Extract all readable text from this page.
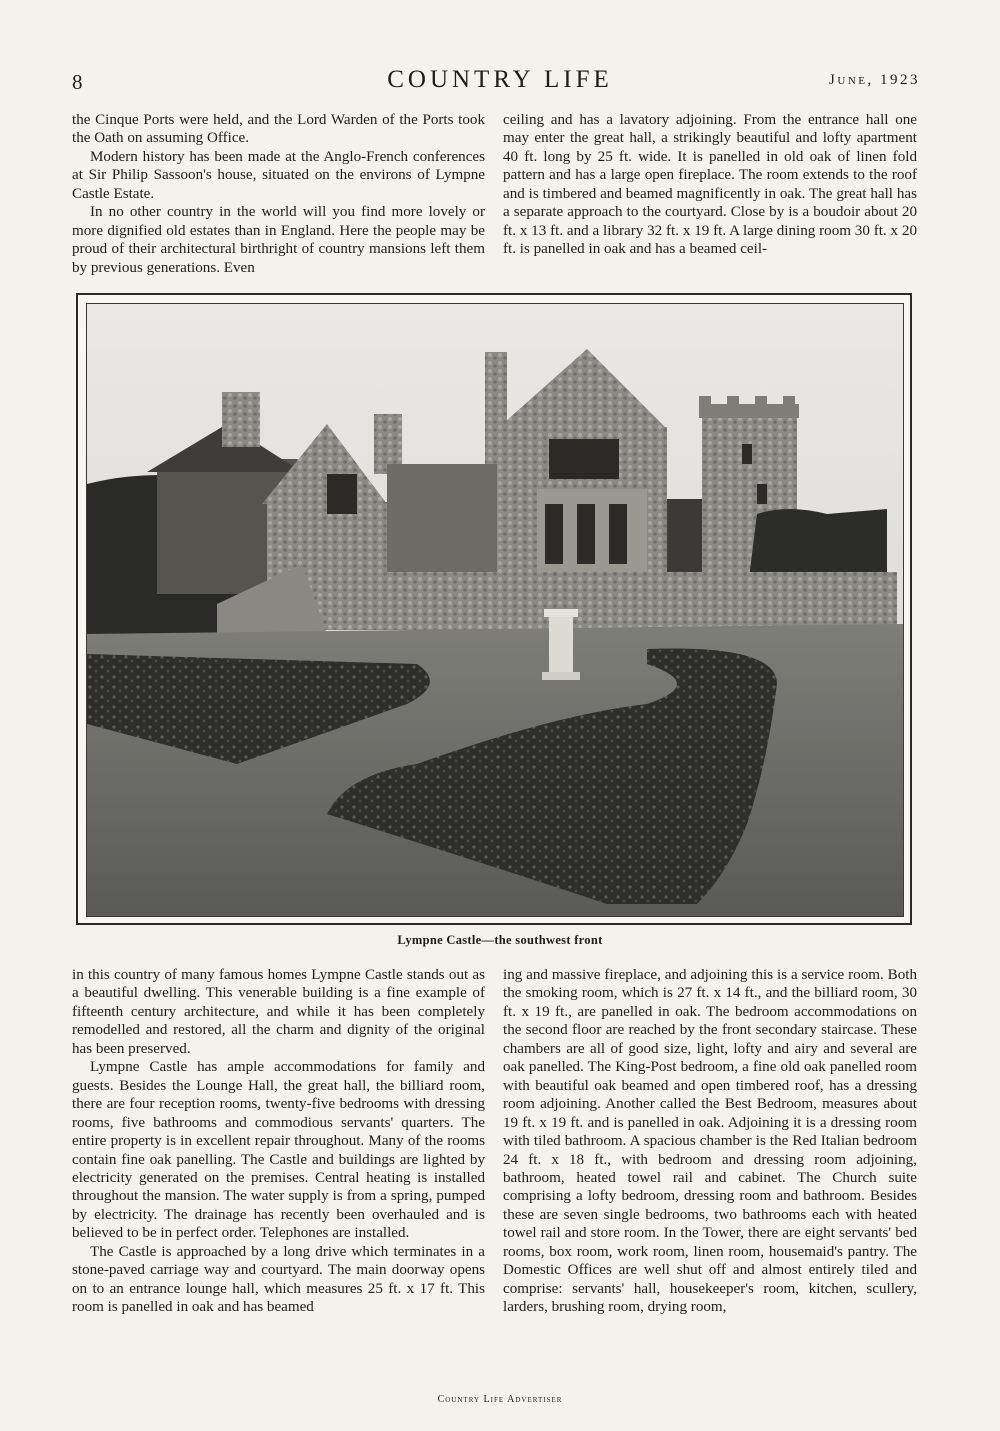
8	COUNTRY LIFE	June, 1923

the Cinque Ports were held, and the Lord Warden of the Ports took the Oath on assuming Office.

Modern history has been made at the Anglo-French conferences at Sir Philip Sassoon's house, situated on the environs of Lympne Castle Estate.

In no other country in the world will you find more lovely or more dignified old estates than in England. Here the people may be proud of their architectural birthright of country mansions left them by previous generations. Even

ceiling and has a lavatory adjoining. From the entrance hall one may enter the great hall, a strikingly beautiful and lofty apartment 40 ft. long by 25 ft. wide. It is panelled in old oak of linen fold pattern and has a large open fireplace. The room extends to the roof and is timbered and beamed magnificently in oak. The great hall has a separate approach to the courtyard. Close by is a boudoir about 20 ft. x 13 ft. and a library 32 ft. x 19 ft. A large dining room 30 ft. x 20 ft. is panelled in oak and has a beamed ceil-

Lympne Castle—the southwest front

in this country of many famous homes Lympne Castle stands out as a beautiful dwelling. This venerable building is a fine example of fifteenth century architecture, and while it has been completely remodelled and restored, all the charm and dignity of the original has been preserved.

Lympne Castle has ample accommodations for family and guests. Besides the Lounge Hall, the great hall, the billiard room, there are four reception rooms, twenty-five bedrooms with dressing rooms, five bathrooms and commodious servants' quarters. The entire property is in excellent repair throughout. Many of the rooms contain fine oak panelling. The Castle and buildings are lighted by electricity generated on the premises. Central heating is installed throughout the mansion. The water supply is from a spring, pumped by electricity. The drainage has recently been overhauled and is believed to be in perfect order. Telephones are installed.

The Castle is approached by a long drive which terminates in a stone-paved carriage way and courtyard. The main doorway opens on to an entrance lounge hall, which measures 25 ft. x 17 ft. This room is panelled in oak and has beamed

ing and massive fireplace, and adjoining this is a service room. Both the smoking room, which is 27 ft. x 14 ft., and the billiard room, 30 ft. x 19 ft., are panelled in oak. The bedroom accommodations on the second floor are reached by the front secondary staircase. These chambers are all of good size, light, lofty and airy and several are oak panelled. The King-Post bedroom, a fine old oak panelled room with beautiful oak beamed and open timbered roof, has a dressing room adjoining. Another called the Best Bedroom, measures about 19 ft. x 19 ft. and is panelled in oak. Adjoining it is a dressing room with tiled bathroom. A spacious chamber is the Red Italian bedroom 24 ft. x 18 ft., with bedroom and dressing room adjoining, bathroom, heated towel rail and cabinet. The Church suite comprising a lofty bedroom, dressing room and bathroom. Besides these are seven single bedrooms, two bathrooms each with heated towel rail and store room. In the Tower, there are eight servants' bed rooms, box room, work room, linen room, housemaid's pantry. The Domestic Offices are well shut off and almost entirely tiled and comprise: servants' hall, housekeeper's room, kitchen, scullery, larders, brushing room, drying room,

Country Life Advertiser
